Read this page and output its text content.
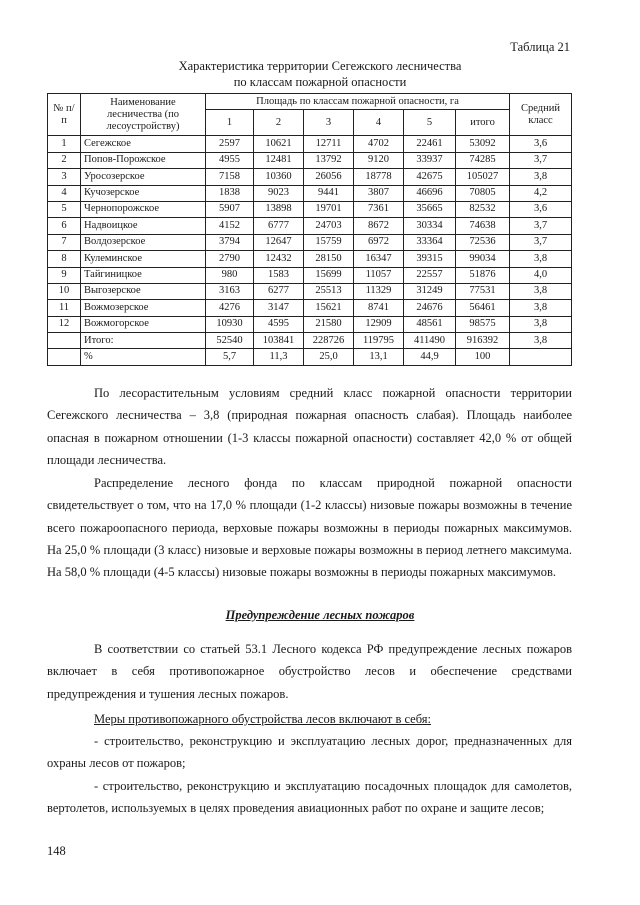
Таблица 21
Характеристика территории Сегежского лесничества
по классам пожарной опасности
№ п/п	Наименование лесничества (по лесоустройству)	Площадь по классам пожарной опасности, га						Средний класс
		1	2	3	4	5	итого	
1	Сегежское	2597	10621	12711	4702	22461	53092	3,6
2	Попов-Порожское	4955	12481	13792	9120	33937	74285	3,7
3	Уросозерское	7158	10360	26056	18778	42675	105027	3,8
4	Кучозерское	1838	9023	9441	3807	46696	70805	4,2
5	Чернопорожское	5907	13898	19701	7361	35665	82532	3,6
6	Надвоицкое	4152	6777	24703	8672	30334	74638	3,7
7	Волдозерское	3794	12647	15759	6972	33364	72536	3,7
8	Кулеминское	2790	12432	28150	16347	39315	99034	3,8
9	Тайгиницкое	980	1583	15699	11057	22557	51876	4,0
10	Выгозерское	3163	6277	25513	11329	31249	77531	3,8
11	Вожмозерское	4276	3147	15621	8741	24676	56461	3,8
12	Вожмогорское	10930	4595	21580	12909	48561	98575	3,8
	Итого:	52540	103841	228726	119795	411490	916392	3,8
	%	5,7	11,3	25,0	13,1	44,9	100	

По лесорастительным условиям средний класс пожарной опасности территории Сегежского лесничества – 3,8 (природная пожарная опасность слабая). Площадь наиболее опасная в пожарном отношении (1-3 классы пожарной опасности) составляет 42,0 % от общей площади лесничества.

Распределение лесного фонда по классам природной пожарной опасности свидетельствует о том, что на 17,0 % площади (1-2 классы) низовые пожары возможны в течение всего пожароопасного периода, верховые пожары возможны в периоды пожарных максимумов. На 25,0 % площади (3 класс) низовые и верховые пожары возможны в период летнего максимума. На 58,0 % площади (4-5 классы) низовые пожары возможны в периоды пожарных максимумов.

Предупреждение лесных пожаров

В соответствии со статьей 53.1 Лесного кодекса РФ предупреждение лесных пожаров включает в себя противопожарное обустройство лесов и обеспечение средствами предупреждения и тушения лесных пожаров.

Меры противопожарного обустройства лесов включают в себя:

- строительство, реконструкцию и эксплуатацию лесных дорог, предназначенных для охраны лесов от пожаров;

- строительство, реконструкцию и эксплуатацию посадочных площадок для самолетов, вертолетов, используемых в целях проведения авиационных работ по охране и защите лесов;

148
